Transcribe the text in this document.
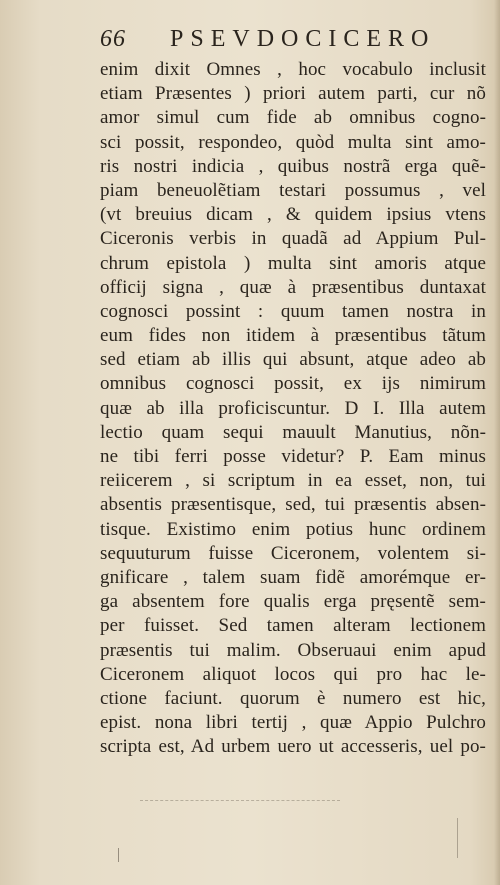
66 PSEVDOCICERO
enim dixit Omnes , hoc vocabulo inclusit
etiam Præsentes ) priori autem parti, cur nõ
amor simul cum fide ab omnibus cogno-
sci possit, respondeo, quòd multa sint amo-
ris nostri indicia , quibus nostrã erga quẽ-
piam beneuolẽtiam testari possumus , vel
(vt breuius dicam , & quidem ipsius vtens
Ciceronis verbis in quadã ad Appium Pul-
chrum epistola ) multa sint amoris atque
officij signa , quæ à præsentibus duntaxat
cognosci possint : quum tamen nostra in
eum fides non itidem à præsentibus tãtum
sed etiam ab illis qui absunt, atque adeo ab
omnibus cognosci possit, ex ijs nimirum
quæ ab illa proficiscuntur. D I. Illa autem
lectio quam sequi mauult Manutius, nõn-
ne tibi ferri posse videtur? P. Eam minus
reiicerem , si scriptum in ea esset, non, tui
absentis præsentisque, sed, tui præsentis absen-
tisque. Existimo enim potius hunc ordinem
sequuturum fuisse Ciceronem, volentem si-
gnificare , talem suam fidẽ amorémque er-
ga absentem fore qualis erga pręsentẽ sem-
per fuisset. Sed tamen alteram lectionem
præsentis tui malim. Obseruaui enim apud
Ciceronem aliquot locos qui pro hac le-
ctione faciunt. quorum è numero est hic,
epist. nona libri tertij , quæ Appio Pulchro
scripta est, Ad urbem uero ut accesseris, uel po-
